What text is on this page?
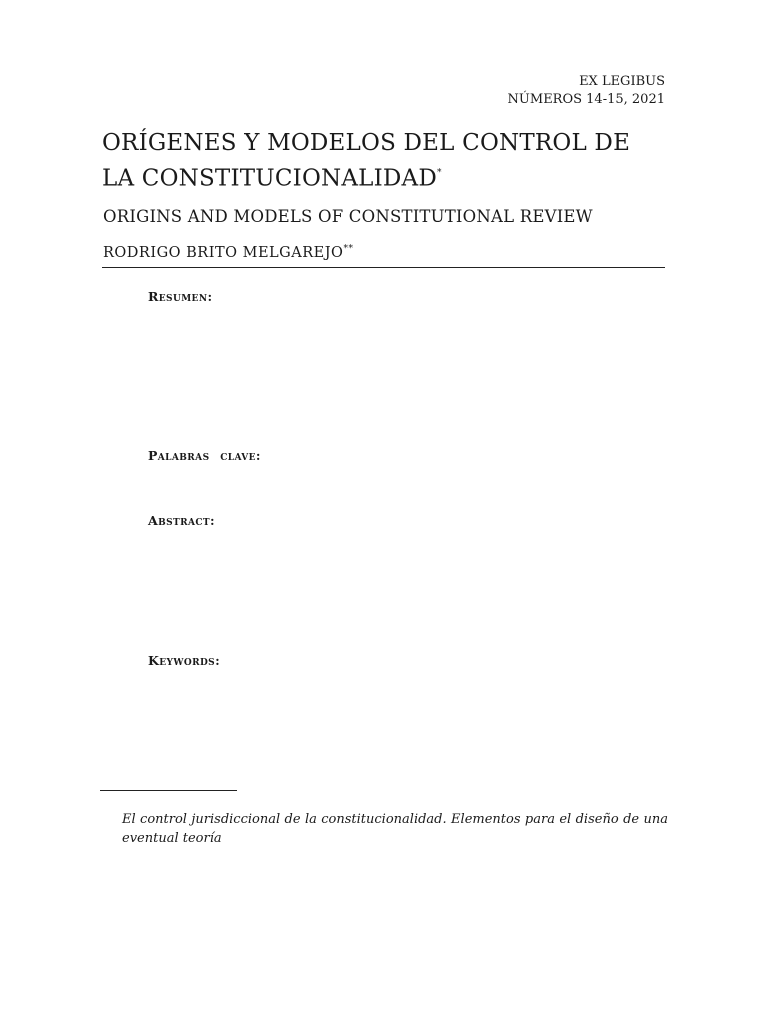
EX LEGIBUS
NÚMEROS 14-15, 2021
ORÍGENES Y MODELOS DEL CONTROL DE
LA CONSTITUCIONALIDAD*
ORIGINS AND MODELS OF CONSTITUTIONAL REVIEW
RODRIGO BRITO MELGAREJO**
Resumen:
Palabras clave:
Abstract:
Keywords:
El control jurisdiccional de la constitucionalidad. Elementos para el diseño de una eventual teoría
